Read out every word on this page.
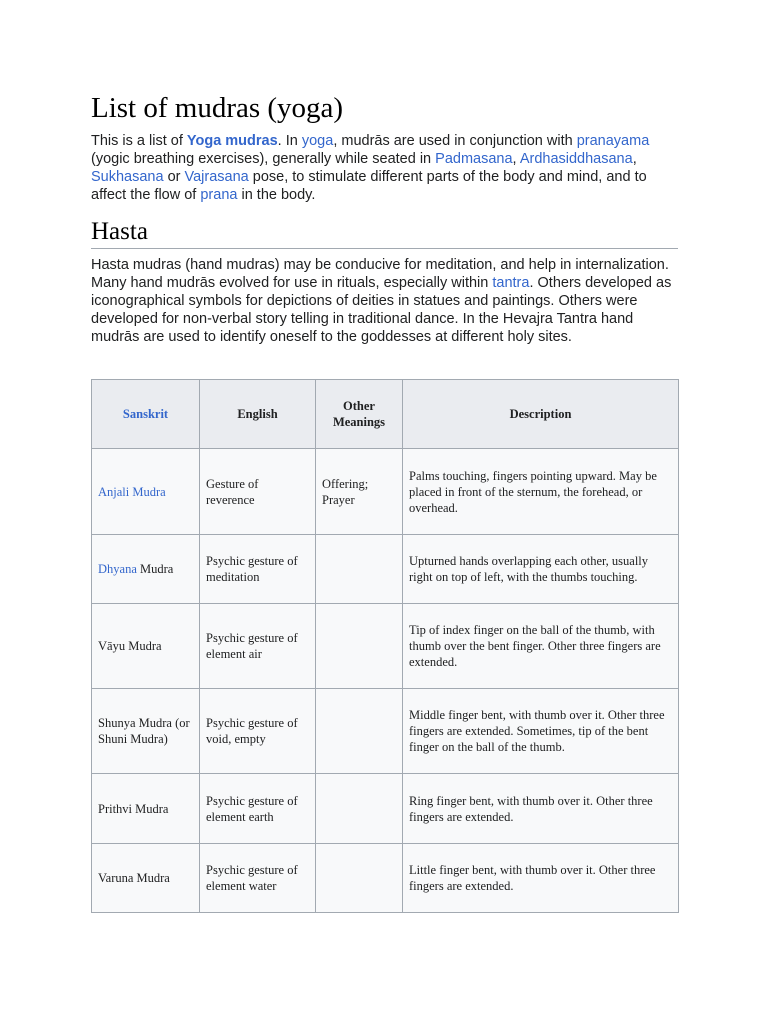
List of mudras (yoga)

This is a list of Yoga mudras. In yoga, mudrās are used in conjunction with pranayama (yogic breathing exercises), generally while seated in Padmasana, Ardhasiddhasana, Sukhasana or Vajrasana pose, to stimulate different parts of the body and mind, and to affect the flow of prana in the body.

Hasta

Hasta mudras (hand mudras) may be conducive for meditation, and help in internalization. Many hand mudrās evolved for use in rituals, especially within tantra. Others developed as iconographical symbols for depictions of deities in statues and paintings. Others were developed for non-verbal story telling in traditional dance. In the Hevajra Tantra hand mudrās are used to identify oneself to the goddesses at different holy sites.

Sanskrit	English	Other Meanings	Description
Anjali Mudra	Gesture of reverence	Offering; Prayer	Palms touching, fingers pointing upward. May be placed in front of the sternum, the forehead, or overhead.
Dhyana Mudra	Psychic gesture of meditation		Upturned hands overlapping each other, usually right on top of left, with the thumbs touching.
Vāyu Mudra	Psychic gesture of element air		Tip of index finger on the ball of the thumb, with thumb over the bent finger. Other three fingers are extended.
Shunya Mudra (or Shuni Mudra)	Psychic gesture of void, empty		Middle finger bent, with thumb over it. Other three fingers are extended. Sometimes, tip of the bent finger on the ball of the thumb.
Prithvi Mudra	Psychic gesture of element earth		Ring finger bent, with thumb over it. Other three fingers are extended.
Varuna Mudra	Psychic gesture of element water		Little finger bent, with thumb over it. Other three fingers are extended.
